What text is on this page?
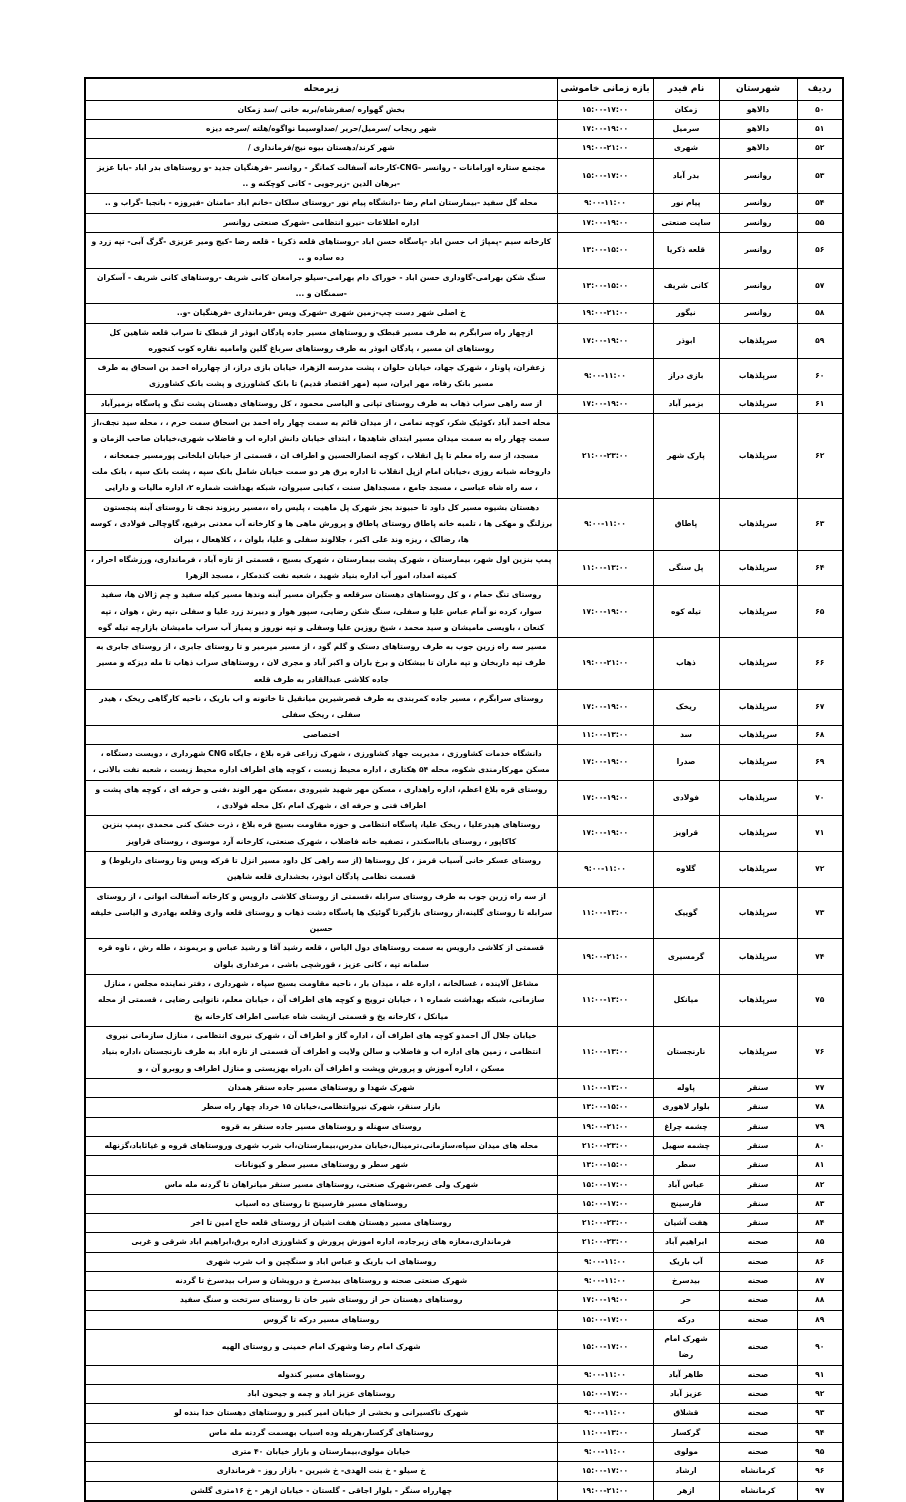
ردیف	شهرستان	نام فیدر	بازه زمانی خاموشی	زیرمحله
۵۰	دالاهو	زمکان	۱۵:۰۰-۱۷:۰۰	بخش گهواره /صفرشاه/بربه خانی /سد زمکان
۵۱	دالاهو	سرمیل	۱۷:۰۰-۱۹:۰۰	شهر ریجاب /سرمیل/حریر /صداوسیما نواگوه/هلته /سرخه دیزه
۵۲	دالاهو	شهری	۱۹:۰۰-۲۱:۰۰	شهر کرند/دهستان بیوه نیج/فرمانداری /
۵۳	روانسر	بدر آباد	۱۵:۰۰-۱۷:۰۰	مجتمع ستاره اورامانات - روانسر -CNG-کارخانه آسفالت کمانگر - روانسر -فرهنگیان جدید -و روستاهای بدر اباد -بابا عزیز -برهان الدین -زیرجویی - کانی کوچکنه و ..
۵۴	روانسر	پیام نور	۹:۰۰-۱۱:۰۰	محله گل سفید -بیمارستان امام رضا -دانشگاه پیام نور -روستای سلکان -خانم اباد -مامنان -فیروزه - بانجبا -گراب و ..
۵۵	روانسر	سایت صنعتی	۱۷:۰۰-۱۹:۰۰	اداره اطلاعات -نیرو انتظامی -شهرک صنعتی روانسر
۵۶	روانسر	قلعه ذکریا	۱۳:۰۰-۱۵:۰۰	کارخانه سیم -پمپاژ اب حسن اباد -پاسگاه حسن اباد -روستاهای قلعه ذکریا - قلعه رضا -کیج ومیر عزیزی -گرگ آبی- تپه زرد و ده ساده و ..
۵۷	روانسر	کانی شریف	۱۳:۰۰-۱۵:۰۰	سنگ شکن بهرامی-گاوداری حسن اباد - خوراک دام بهرامی-سیلو جرامغان کانی شریف -روستاهای کانی شریف - آسکران -سمنگان و ...
۵۸	روانسر	نیگور	۱۹:۰۰-۲۱:۰۰	خ اصلی شهر دست چپ-زمین شهری -شهرک ویس -فرمانداری -فرهنگیان -و..
۵۹	سرپلذهاب	ابوذر	۱۷:۰۰-۱۹:۰۰	ازچهار راه سرابگرم به طرف مسیر قبطک و روستاهای مسیر جاده پادگان ابوذر از قبطک تا سراب قلعه شاهین کل روستاهای ان مسیر ، پادگان ابوذر به طرف روستاهای سرباغ گلین وامامیه نقاره کوب کنجوره
۶۰	سرپلذهاب	بازی دراز	۹:۰۰-۱۱:۰۰	زعفران، پاونار ، شهرک جهاد، خیابان حلوان ، پشت مدرسه الزهرا، خیابان بازی دراز، از چهارراه احمد بن اسحاق به طرف مسیر بانک رفاه، مهر ایران، سپه (مهر اقتصاد قدیم) تا بانک کشاورزی و پشت بانک کشاورزی
۶۱	سرپلذهاب	بزمیر آباد	۱۷:۰۰-۱۹:۰۰	از سه راهی سراب ذهاب به طرف روستای تپانی و الیاسی محمود ، کل روستاهای دهستان پشت تنگ و پاسگاه بزمیرآباد
۶۲	سرپلذهاب	پارک شهر	۲۱:۰۰-۲۳:۰۰	محله احمد آباد ،کوئیک شکر، کوچه نمامی ، از میدان قائم به سمت چهار راه احمد بن اسحاق سمت حرم ، ، محله سید نجف،از سمت چهار راه به سمت میدان مسیر ابتدای شاهدها ، ابتدای خیابان دانش اداره اب و فاضلاب شهری،خیابان صاحب الزمان و مسجد، از سه راه معلم تا پل انقلاب ، کوچه انصارالحسین و اطراف ان ، قسمتی از خیابان ابلخانی پورمسیر جمعخانه ، داروخانه شبانه روزی ،خیابان امام ازپل انقلاب تا اداره برق هر دو سمت خیابان شامل بانک سپه ، پشت بانک سپه ، بانک ملت ، سه راه شاه عباسی ، مسجد جامع ، مسجداهل سنت ، کبابی سیروان، شبکه بهداشت شماره ۲، اداره مالیات و دارایی
۶۳	سرپلذهاب	پاطاق	۹:۰۰-۱۱:۰۰	دهستان بشیوه مسیر کل داود تا حبیوند بجز شهرک پل ماهیت ، پلیس راه ،،مسیر ریزوند نجف تا روستای آبنه پنجستون برزلنگ و مهکی ها ، تلمبه خانه پاطاق روستای پاطاق و پرورش ماهی ها و کارخانه آب معدنی برفیع، گاوچالی فولادی ، کوسه ها، رضالک ، ریزه وند علی اکبر ، جلالوند سفلی و علیا، بلوان ، ، کلاهعال ، بیران
۶۴	سرپلذهاب	پل سنگی	۱۱:۰۰-۱۳:۰۰	پمپ بنزین اول شهر، بیمارستان ، شهرک پشت بیمارستان ، شهرک بسیج ، قسمتی از تازه آباد ، فرمانداری، ورزشگاه احرار ، کمیته امداد، امور آب اداره بنیاد شهید ، شعبه نفت کندمکار ، مسجد الزهرا
۶۵	سرپلذهاب	تیله کوه	۱۷:۰۰-۱۹:۰۰	روستای تنگ حمام ، و کل روستاهای دهستان سرقلعه و جگیران مسیر آبنه وندها مسیر کیله سفید و چم ژالان ها، سفید سوار، کرده نو آمام عباس علیا و سفلی، سنگ شکن رضایی، سپور هوار و دبیرند زرد علیا و سفلی ،تپه رش ، هوان ، تپه کنعان ، باویسی مامیشان و سید محمد ، شیخ روزین علیا وسفلی و تپه نوروز و پمیاز آب سراب مامیشان بازارچه تیله گوه
۶۶	سرپلذهاب	ذهاب	۱۹:۰۰-۲۱:۰۰	مسیر سه راه زرین جوب به طرف روستاهای دستک و گلم گود ، از مسیر میرمیر و تا روستای جابری ، از روستای جابری به طرف تپه داربخان و تپه ماران تا بیشکان و برخ باران و اکبر آباد و مجری لان ، روستاهای سراب ذهاب تا مله دیزکه و مسیر جاده کلاشی عبدالقادر به طرف قلعه
۶۷	سرپلذهاب	ریخک	۱۷:۰۰-۱۹:۰۰	روستای سرابگرم ، مسیر جاده کمربندی به طرف قصرشیرین میانقیل تا خاتونه و اب باریک ، ناحیه کارگاهی ریخک ، هیدر سفلی ، ریخک سفلی
۶۸	سرپلذهاب	سد	۱۱:۰۰-۱۳:۰۰	اختصاصی
۶۹	سرپلذهاب	صدرا	۱۷:۰۰-۱۹:۰۰	دانشگاه خدمات کشاورزی ، مدیریت جهاد کشاورزی ، شهرک زراعی قره بلاغ ، جایگاه CNG شهرداری ، دویست دستگاه ، مسکن مهرکارمندی شکوه، محله ۵۴ هکتاری ، اداره محیط زیست ، کوچه های اطراف اداره محیط زیست ، شعبه نفت بالانی ،
۷۰	سرپلذهاب	فولادی	۱۷:۰۰-۱۹:۰۰	روستای قره بلاغ اعظم، اداره راهداری ، مسکن مهر شهید شیرودی ،مسکن مهر الوند ،فنی و حرفه ای ، کوچه های پشت و اطراف فنی و حرفه ای ، شهرک امام ،کل محله فولادی ،
۷۱	سرپلذهاب	قراویز	۱۷:۰۰-۱۹:۰۰	روستاهای هیدرعلیا ، ریخک علیا، پاسگاه انتظامی و حوزه مقاومت بسیج قره بلاغ ، ذرت خشک کنی محمدی ،پمپ بنزین کاکاپور ، روستای بابااسکندر ، تصفیه خانه فاضلاب ، شهرک صنعتی، کارخانه آرد موسوی ، روستای قراویز
۷۲	سرپلذهاب	گلاوه	۹:۰۰-۱۱:۰۰	روستای عسکر خانی آسیاب قرمز ، کل روستاها (از سه راهی کل داود مسیر انزل تا قرکه ویس وتا روستای داربلوط) و قسمت نظامی پادگان ابوذر، بخشداری قلعه شاهین
۷۳	سرپلذهاب	گوییک	۱۱:۰۰-۱۳:۰۰	از سه راه زرین جوب به طرف روستای سرابله ،قسمتی از روستای کلاشی دارویس و کارخانه آسفالت ابوانی ، از روستای سرابله تا روستای گلینه،از روستای بازگیرتا گوئیک ها پاسگاه دشت ذهاب و روستای قلعه واری وقلعه بهادری و الیاسی خلیفه حسین
۷۴	سرپلذهاب	گرمسیری	۱۹:۰۰-۲۱:۰۰	قسمتی از کلاشی دارویس به سمت روستاهای دول الیاس ، قلعه رشید آقا و رشید عباس و بریموند ، طله رش ، ناوه قره سلمانه تپه ، کانی عزیز ، قورشچی باشی ، مرغداری بلوان
۷۵	سرپلذهاب	میانکل	۱۱:۰۰-۱۳:۰۰	مشاغل آلاینده ، غسالخانه ، اداره غله ، میدان بار ، ناحیه مقاومت بسیج سپاه ، شهرداری ، دفتر نماینده مجلس ، منازل سازمانی، شبکه بهداشت شماره ۱ ، خیابان ترویج و کوچه های اطراف آن ، خیابان معلم، نانوایی رضایی ، قسمتی از محله میانکل ، کارخانه یخ و قسمتی ازپشت شاه عباسی اطراف کارخانه یخ
۷۶	سرپلذهاب	نارنجستان	۱۱:۰۰-۱۳:۰۰	خیابان جلال آل احمدو کوچه های اطراف آن ، اداره گاز و اطراف آن ، شهرک نیروی انتظامی ، منازل سازمانی نیروی انتظامی ، زمین های اداره اب و فاضلاب و سالن ولایت و اطراف آن قسمتی از تازه اباد به طرف نارنجستان ،اداره بنیاد مسکن ، اداره آموزش و پرورش وپشت و اطراف آن ،ادراه بهزیستی و منازل اطراف و روبرو آن ، و
۷۷	سنقر	پاوله	۱۱:۰۰-۱۳:۰۰	شهرک شهدا و روستاهای مسیر جاده سنقر همدان
۷۸	سنقر	بلوار لاهوری	۱۳:۰۰-۱۵:۰۰	بازار سنقر، شهرک نیروانتظامی،خیابان ۱۵ خرداد چهار راه سطر
۷۹	سنقر	چشمه چراغ	۱۹:۰۰-۲۱:۰۰	روستای سهنله و روستاهای مسیر جاده سنقر به قروه
۸۰	سنقر	چشمه سهیل	۲۱:۰۰-۲۳:۰۰	محله های میدان سپاه،سازمانی،ترمینال،خیابان مدرس،بیمارستان،اب شرب شهری وروستاهای قروه و غیاثاباد،گزنهله
۸۱	سنقر	سطر	۱۳:۰۰-۱۵:۰۰	شهر سطر و روستاهای مسیر سطر و کیونانات
۸۲	سنقر	عباس آباد	۱۵:۰۰-۱۷:۰۰	شهرک ولی عصر،شهرک صنعتی، روستاهای مسیر سنقر میانراهان تا گردنه مله ماس
۸۳	سنقر	فارسینج	۱۵:۰۰-۱۷:۰۰	روستاهای مسیر فارسینج تا روستای ده اسیاب
۸۴	سنقر	هفت آشیان	۲۱:۰۰-۲۳:۰۰	روستاهای مسیر دهستان هفت اشیان از روستای قلعه حاج امین تا اخر
۸۵	صحنه	ابراهیم آباد	۲۱:۰۰-۲۳:۰۰	فرمانداری،مغازه های زیرجاده، اداره اموزش پرورش و کشاورزی اداره برق،ابراهیم اباد شرقی و غربی
۸۶	صحنه	آب باریک	۹:۰۰-۱۱:۰۰	روستاهای اب باریک و عباس اباد و سنگچین و اب شرب شهری
۸۷	صحنه	بیدسرخ	۹:۰۰-۱۱:۰۰	شهرک صنعتی صحنه و روستاهای بیدسرخ و درویشان و سراب بیدسرخ تا گردنه
۸۸	صحنه	حر	۱۷:۰۰-۱۹:۰۰	روستاهای دهستان حر از روستای شیر خان تا روستای سرتخت و سنگ سفید
۸۹	صحنه	درکه	۱۵:۰۰-۱۷:۰۰	روستاهای مسیر درکه تا گروس
۹۰	صحنه	شهرک امام رضا	۱۵:۰۰-۱۷:۰۰	شهرک امام رضا وشهرک امام خمینی و روستای الهیه
۹۱	صحنه	طاهر آباد	۹:۰۰-۱۱:۰۰	روستاهای مسیر کندوله
۹۲	صحنه	عزیز آباد	۱۵:۰۰-۱۷:۰۰	روستاهای عزیز اباد و چمه و جیحون اباد
۹۳	صحنه	قشلاق	۹:۰۰-۱۱:۰۰	شهرک تاکسیرانی و بخشی از خیابان امیر کبیر و روستاهای دهستان خدا بنده لو
۹۴	صحنه	گرکسار	۱۱:۰۰-۱۳:۰۰	روستاهای گرکسار،هریله وده اسیاب بهسمت گردنه مله ماس
۹۵	صحنه	مولوی	۹:۰۰-۱۱:۰۰	خیابان مولوی،بیمارستان و بازار خیابان ۴۰ متری
۹۶	کرمانشاه	ارشاد	۱۵:۰۰-۱۷:۰۰	خ سیلو - خ بنت الهدی- خ شیرین - بازار روز - فرمانداری
۹۷	کرمانشاه	ازهر	۱۹:۰۰-۲۱:۰۰	چهارراه سنگر - بلوار اجاقی - گلستان - خیابان ازهر - خ ۱۶متری گلشن
